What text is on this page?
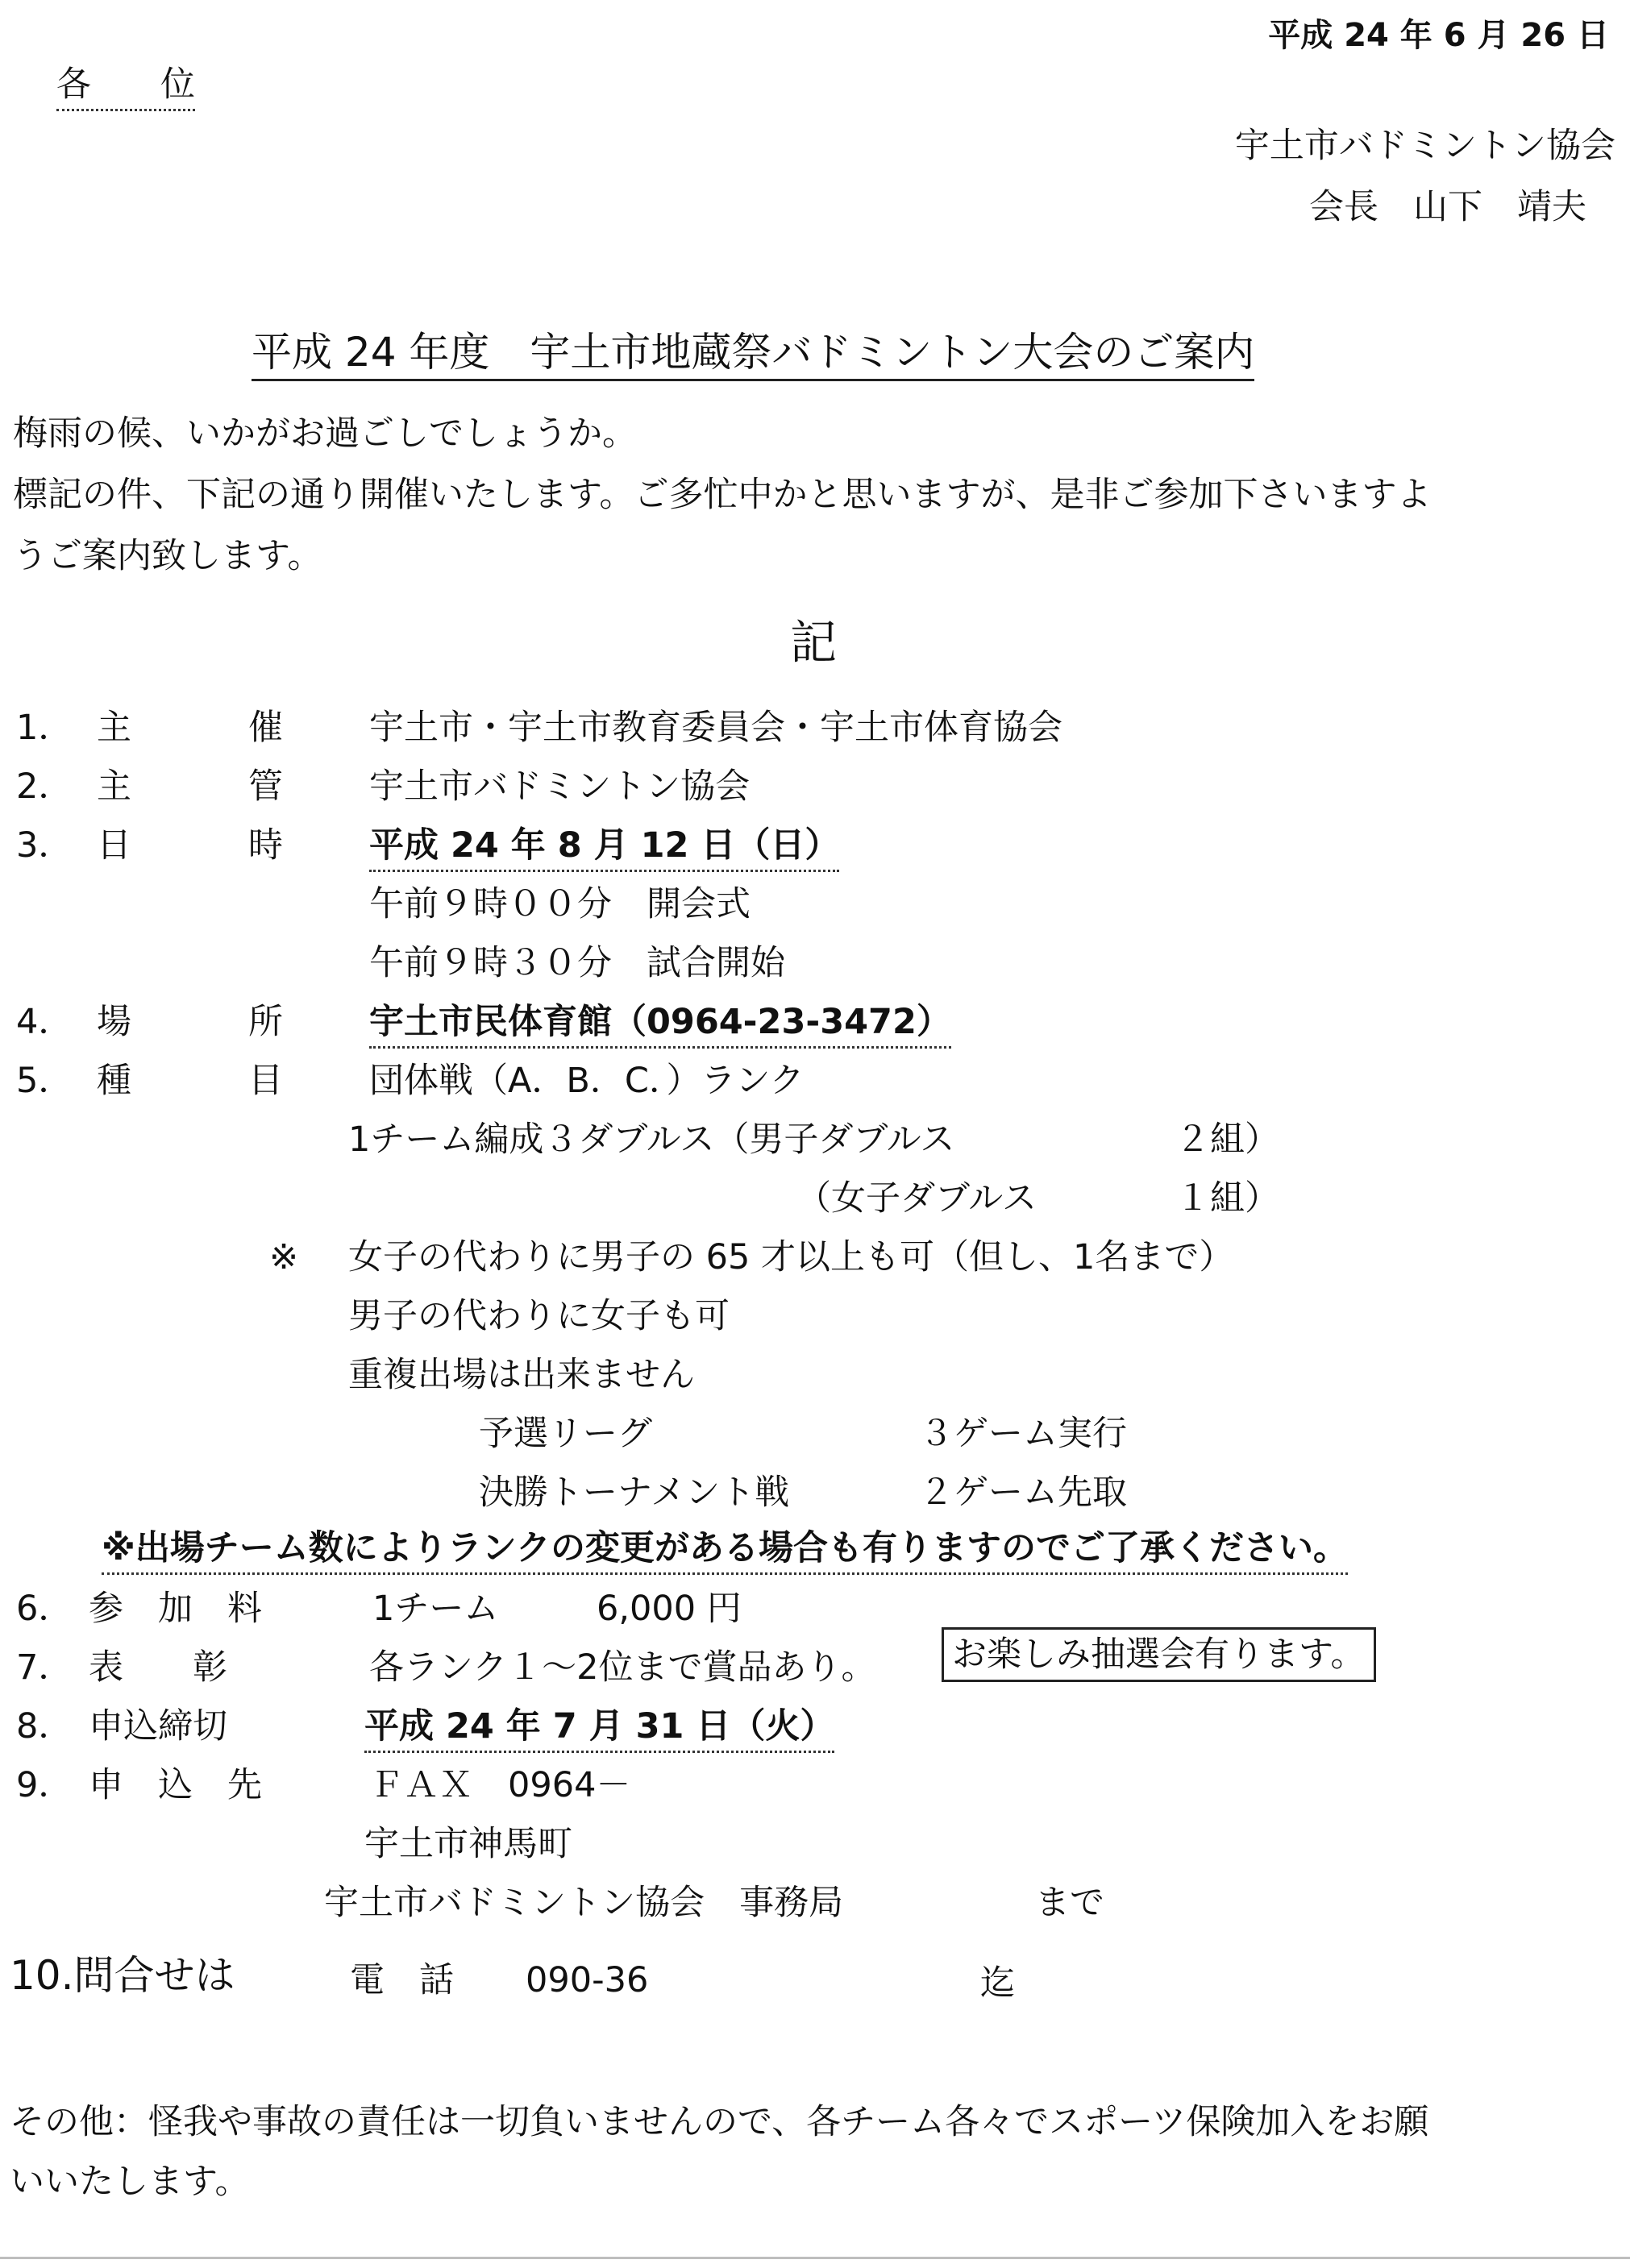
平成 24 年 6 月 26 日
各　　位
宇土市バドミントン協会
会長　山下　靖夫
平成 24 年度　宇土市地蔵祭バドミントン大会のご案内
梅雨の候、いかがお過ごしでしょうか。
標記の件、下記の通り開催いたします。ご多忙中かと思いますが、是非ご参加下さいますよ
うご案内致します。
記
1． 主	催 宇土市・宇土市教育委員会・宇土市体育協会
2． 主	管 宇土市バドミントン協会
3． 日	時 平成 24 年 8 月 12 日（日）
午前９時００分　開会式
午前９時３０分　試合開始
4． 場	所 宇土市民体育館（0964-23-3472）
5． 種	目 団体戦（A．B．C．）ランク
1チーム編成３ダブルス（男子ダブルス	２組）
（女子ダブルス	１組）
※ 女子の代わりに男子の 65 才以上も可（但し、1名まで）
男子の代わりに女子も可
重複出場は出来ません
予選リーグ	３ゲーム実行
決勝トーナメント戦	２ゲーム先取
※出場チーム数によりランクの変更がある場合も有りますのでご了承ください。
6． 参　加　料	1チーム	6,000 円
7． 表　　彰	各ランク１～2位まで賞品あり。	お楽しみ抽選会有ります。
8． 申込締切	平成 24 年 7 月 31 日（火）
9． 申　込　先	ＦＡＸ　0964－
宇土市神馬町
宇土市バドミントン協会　事務局	まで
10.問合せは	電　話 090-36	迄
その他：怪我や事故の責任は一切負いませんので、各チーム各々でスポーツ保険加入をお願
いいたします。
